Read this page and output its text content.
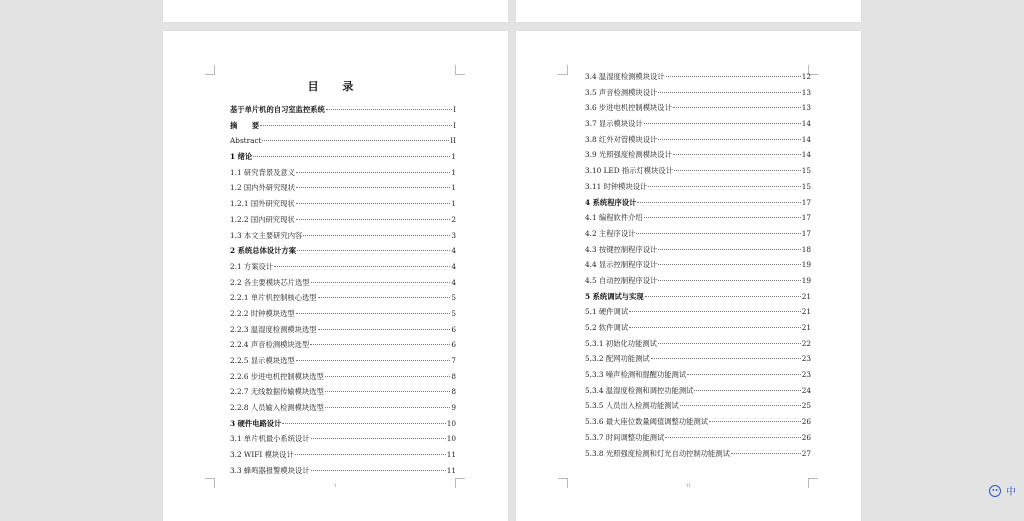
目 录
基于单片机的自习室监控系统	I
摘　　要	I
Abstract	II
1 绪论	1
1.1 研究背景及意义	1
1.2 国内外研究现状	1
1.2.1 国外研究现状	1
1.2.2 国内研究现状	2
1.3 本文主要研究内容	3
2 系统总体设计方案	4
2.1 方案设计	4
2.2 各主要模块芯片选型	4
2.2.1 单片机控制核心选型	5
2.2.2 时钟模块选型	5
2.2.3 温湿度检测模块选型	6
2.2.4 声音检测模块选型	6
2.2.5 显示模块选型	7
2.2.6 步进电机控制模块选型	8
2.2.7 无线数据传输模块选型	8
2.2.8 人员输入检测模块选型	9
3 硬件电路设计	10
3.1 单片机最小系统设计	10
3.2 WIFI 模块设计	11
3.3 蜂鸣器报警模块设计	11
I
3.4 温湿度检测模块设计	12
3.5 声音检测模块设计	13
3.6 步进电机控制模块设计	13
3.7 显示模块设计	14
3.8 红外对管模块设计	14
3.9 光照强度检测模块设计	14
3.10 LED 指示灯模块设计	15
3.11 时钟模块设计	15
4 系统程序设计	17
4.1 编程软件介绍	17
4.2 主程序设计	17
4.3 按键控制程序设计	18
4.4 显示控制程序设计	19
4.5 自动控制程序设计	19
5 系统调试与实现	21
5.1 硬件调试	21
5.2 软件调试	21
5.3.1 初始化功能测试	22
5.3.2 配网功能测试	23
5.3.3 噪声检测和提醒功能测试	23
5.3.4 温湿度检测和调控功能测试	24
5.3.5 人员出入检测功能测试	25
5.3.6 最大座位数量阈值调整功能测试	26
5.3.7 时间调整功能测试	26
5.3.8 光照强度检测和灯光自动控制功能测试	27
II
•• 中
